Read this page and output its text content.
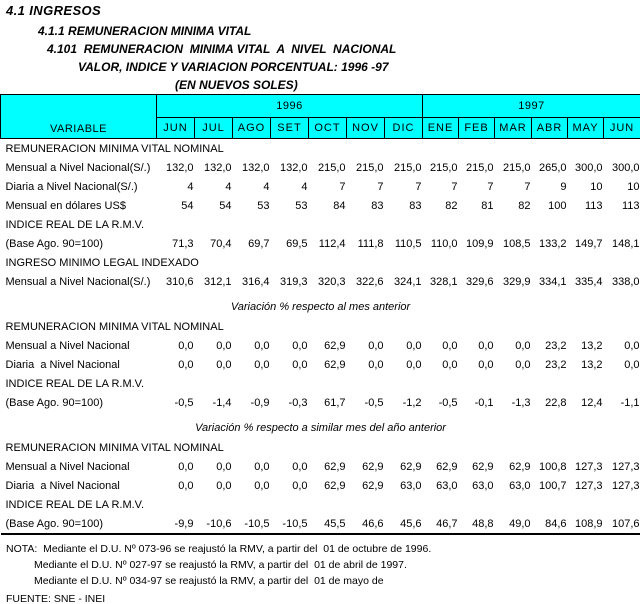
4.1 INGRESOS
4.1.1 REMUNERACION MINIMA VITAL
4.101  REMUNERACION  MINIMA VITAL  A  NIVEL  NACIONAL
VALOR, INDICE Y VARIACION PORCENTUAL: 1996 -97
(EN NUEVOS SOLES)
VARIABLE	1996							1997					
	JUN	JUL	AGO	SET	OCT	NOV	DIC	ENE	FEB	MAR	ABR	MAY	JUN
REMUNERACION MINIMA VITAL NOMINAL													
Mensual a Nivel Nacional(S/.)	132,0	132,0	132,0	132,0	215,0	215,0	215,0	215,0	215,0	215,0	265,0	300,0	300,0
Diaria a Nivel Nacional(S/.)	4	4	4	4	7	7	7	7	7	7	9	10	10
Mensual en dólares US$	54	54	53	53	84	83	83	82	81	82	100	113	113
INDICE REAL DE LA R.M.V.													
(Base Ago. 90=100)	71,3	70,4	69,7	69,5	112,4	111,8	110,5	110,0	109,9	108,5	133,2	149,7	148,1
INGRESO MINIMO LEGAL INDEXADO													
Mensual a Nivel Nacional(S/.)	310,6	312,1	316,4	319,3	320,3	322,6	324,1	328,1	329,6	329,9	334,1	335,4	338,0

Variación % respecto al mes anterior													
REMUNERACION MINIMA VITAL NOMINAL													
Mensual a Nivel Nacional	0,0	0,0	0,0	0,0	62,9	0,0	0,0	0,0	0,0	0,0	23,2	13,2	0,0
Diaria  a Nivel Nacional	0,0	0,0	0,0	0,0	62,9	0,0	0,0	0,0	0,0	0,0	23,2	13,2	0,0
INDICE REAL DE LA R.M.V.													
(Base Ago. 90=100)	-0,5	-1,4	-0,9	-0,3	61,7	-0,5	-1,2	-0,5	-0,1	-1,3	22,8	12,4	-1,1

Variación % respecto a similar mes del año anterior													
REMUNERACION MINIMA VITAL NOMINAL													
Mensual a Nivel Nacional	0,0	0,0	0,0	0,0	62,9	62,9	62,9	62,9	62,9	62,9	100,8	127,3	127,3
Diaria  a Nivel Nacional	0,0	0,0	0,0	0,0	62,9	62,9	63,0	63,0	63,0	63,0	100,7	127,3	127,3
INDICE REAL DE LA R.M.V.													
(Base Ago. 90=100)	-9,9	-10,6	-10,5	-10,5	45,5	46,6	45,6	46,7	48,8	49,0	84,6	108,9	107,6
NOTA: Mediante el D.U. Nº 073-96 se reajustó la RMV, a partir del  01 de octubre de 1996.
Mediante el D.U. Nº 027-97 se reajustó la RMV, a partir del  01 de abril de 1997.
Mediante el D.U. Nº 034-97 se reajustó la RMV, a partir del  01 de mayo de
FUENTE: SNE - INEI
